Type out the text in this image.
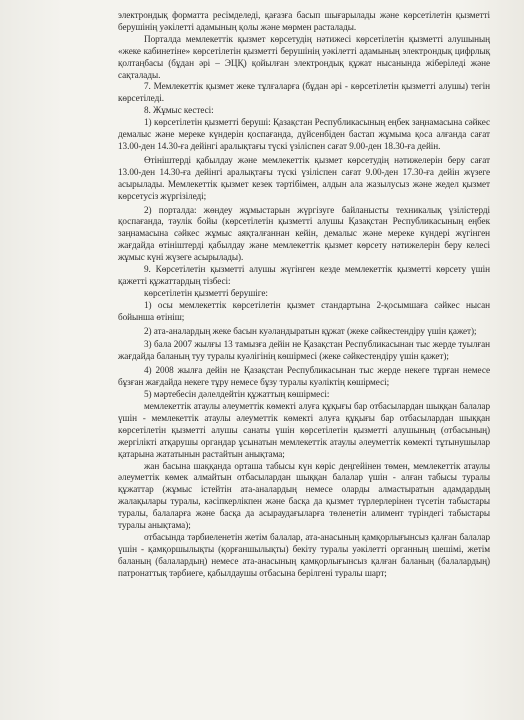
электрондық форматта ресімделеді, қағазға басып шығарылады және көрсетілетін қызметті берушінің уәкілетті адамының қолы және мөрмен расталады.

Порталда мемлекеттік қызмет көрсетудің нәтижесі көрсетілетін қызметті алушының «жеке кабинетіне» көрсетілетін қызметті берушінің уәкілетті адамының электрондық цифрлық қолтаңбасы (бұдан әрі – ЭЦҚ) қойылған электрондық құжат нысанында жіберіледі және сақталады.

7. Мемлекеттік қызмет жеке тұлғаларға (бұдан әрі - көрсетілетін қызметті алушы) тегін көрсетіледі.

8. Жұмыс кестесі:

1) көрсетілетін қызметті беруші: Қазақстан Республикасының еңбек заңнамасына сәйкес демалыс және мереке күндерін қоспағанда, дүйсенбіден бастап жұмыма қоса алғанда сағат 13.00-ден 14.30-ға дейінгі аралықтағы түскі үзіліспен сағат 9.00-ден 18.30-ға дейін.

Өтініштерді қабылдау және мемлекеттік қызмет көрсетудің нәтижелерін беру сағат 13.00-ден 14.30-ға дейінгі аралықтағы түскі үзіліспен сағат 9.00-ден 17.30-ға дейін жүзеге асырылады. Мемлекеттік қызмет кезек тәртібімен, алдын ала жазылусыз және жедел қызмет көрсетусіз жүргізіледі;

2) порталда: жөндеу жұмыстарын жүргізуге байланысты техникалық үзілістерді қоспағанда, тәулік бойы (көрсетілетін қызметті алушы Қазақстан Республикасының еңбек заңнамасына сәйкес жұмыс аяқталғаннан кейін, демалыс және мереке күндері жүгінген жағдайда өтініштерді қабылдау және мемлекеттік қызмет көрсету нәтижелерін беру келесі жұмыс күні жүзеге асырылады).

9. Көрсетілетін қызметті алушы жүгінген кезде мемлекеттік қызметті көрсету үшін қажетті құжаттардың тізбесі:

көрсетілетін қызметті берушіге:

1) осы мемлекеттік көрсетілетін қызмет стандартына 2-қосымшаға сәйкес нысан бойынша өтініш;

2) ата-аналардың жеке басын куәландыратын құжат (жеке сәйкестендіру үшін қажет);

3) бала 2007 жылғы 13 тамызға дейін не Қазақстан Республикасынан тыс жерде туылған жағдайда баланың туу туралы куәлігінің көшірмесі (жеке сәйкестендіру үшін қажет);

4) 2008 жылға дейін не Қазақстан Республикасынан тыс жерде некеге тұрған немесе бұзған жағдайда некеге тұру немесе бұзу туралы куәліктің көшірмесі;

5) мәртебесін дәлелдейтін құжаттың көшірмесі:

мемлекеттік атаулы әлеуметтік көмекті алуға құқығы бар отбасылардан шыққан балалар үшін - мемлекеттік атаулы әлеуметтік көмекті алуға құқығы бар отбасылардан шыққан көрсетілетін қызметті алушы санаты үшін көрсетілетін қызметті алушының (отбасының) жергілікті атқарушы органдар ұсынатын мемлекеттік атаулы әлеуметтік көмекті тұтынушылар қатарына жататынын растайтын анықтама;

жан басына шаққанда орташа табысы күн көріс деңгейінен төмен, мемлекеттік атаулы әлеуметтік көмек алмайтын отбасылардан шыққан балалар үшін - алған табысы туралы құжаттар (жұмыс істейтін ата-аналардың немесе оларды алмастыратын адамдардың жалақылары туралы, кәсіпкерлікпен және басқа да қызмет түрлерлерінен түсетін табыстары туралы, балаларға және басқа да асыраудағыларға төленетін алимент түріндегі табыстары туралы анықтама);

отбасында тәрбиеленетін жетім балалар, ата-анасының қамқорлығынсыз қалған балалар үшін - қамқоршылықты (қорғаншылықты) бекіту туралы уәкілетті органның шешімі, жетім баланың (балалардың) немесе ата-анасының қамқорлығынсыз қалған баланың (балалардың) патронаттық тәрбиеге, қабылдаушы отбасына берілгені туралы шарт;
